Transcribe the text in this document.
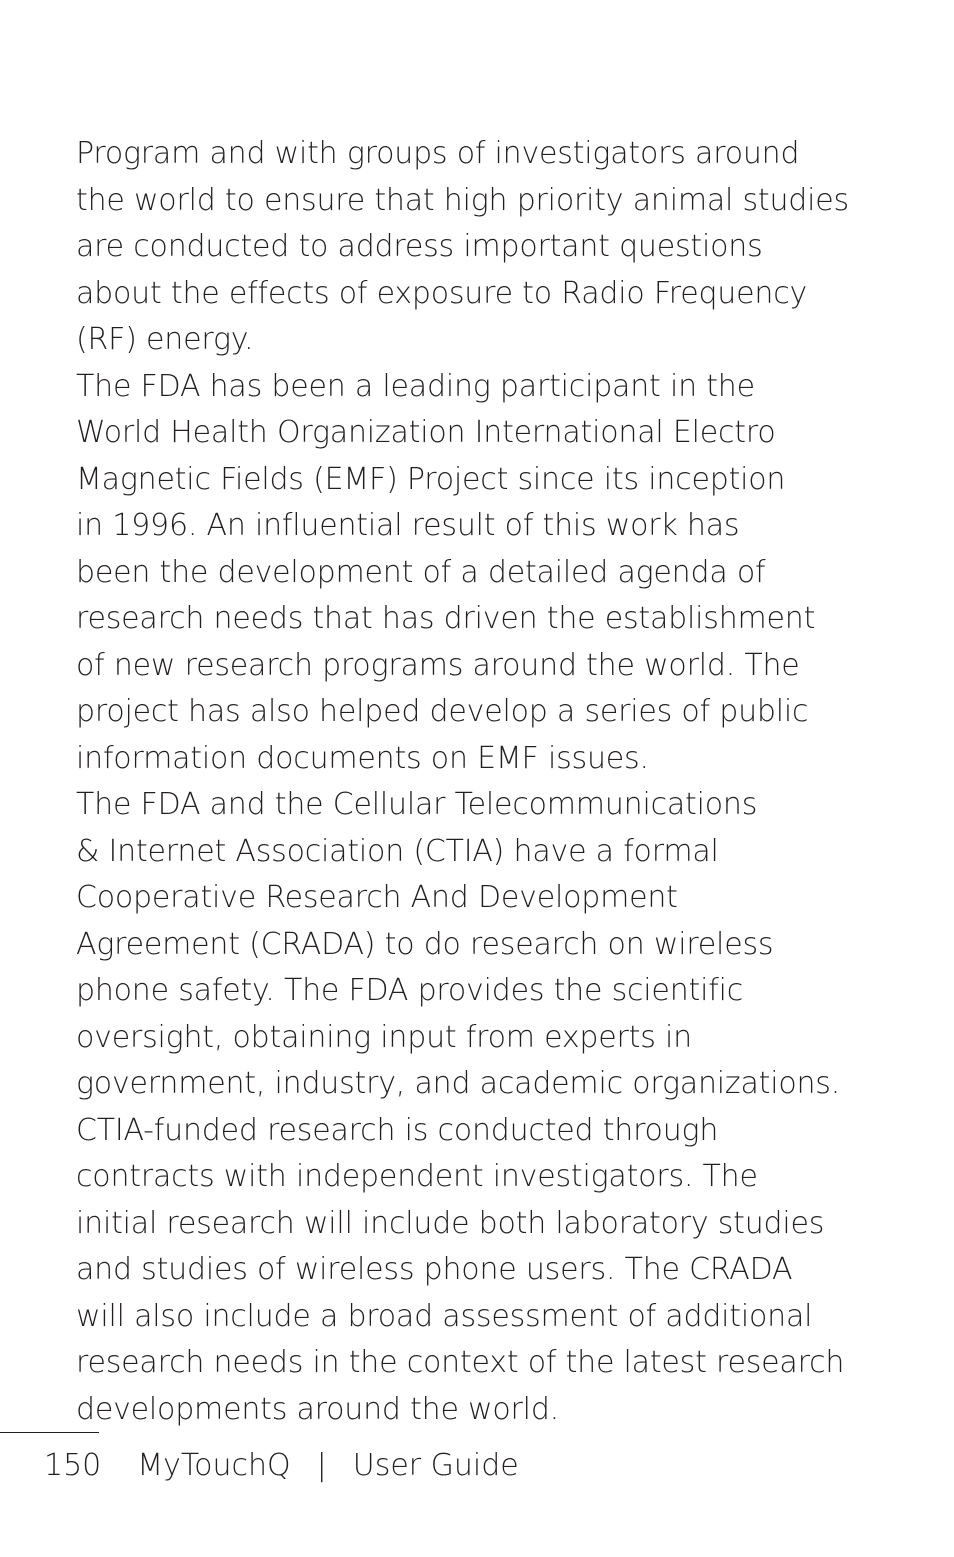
Program and with groups of investigators around
the world to ensure that high priority animal studies
are conducted to address important questions
about the effects of exposure to Radio Frequency
(RF) energy.

The FDA has been a leading participant in the
World Health Organization International Electro
Magnetic Fields (EMF) Project since its inception
in 1996. An influential result of this work has
been the development of a detailed agenda of
research needs that has driven the establishment
of new research programs around the world. The
project has also helped develop a series of public
information documents on EMF issues.

The FDA and the Cellular Telecommunications
& Internet Association (CTIA) have a formal
Cooperative Research And Development
Agreement (CRADA) to do research on wireless
phone safety. The FDA provides the scientific
oversight, obtaining input from experts in
government, industry, and academic organizations.
CTIA-funded research is conducted through
contracts with independent investigators. The
initial research will include both laboratory studies
and studies of wireless phone users. The CRADA
will also include a broad assessment of additional
research needs in the context of the latest research
developments around the world.

150 MyTouchQ | User Guide
